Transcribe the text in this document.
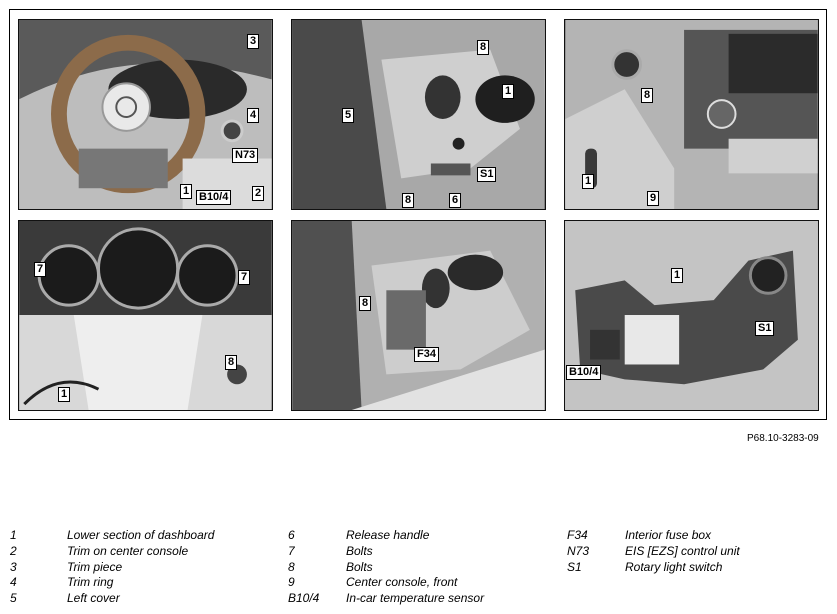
3
4
N73
1 B10/4 2
8
1
5
S1
8	6
8
1
9
7
7
8
1
8
F34
1
S1
B10/4
P68.10-3283-09
1	Lower section of dashboard
2	Trim on center console
3	Trim piece
4	Trim ring
5	Left cover
6	Release handle
7	Bolts
8	Bolts
9	Center console, front
B10/4 In-car temperature sensor
F34	Interior fuse box
N73	EIS [EZS] control unit
S1	Rotary light switch
